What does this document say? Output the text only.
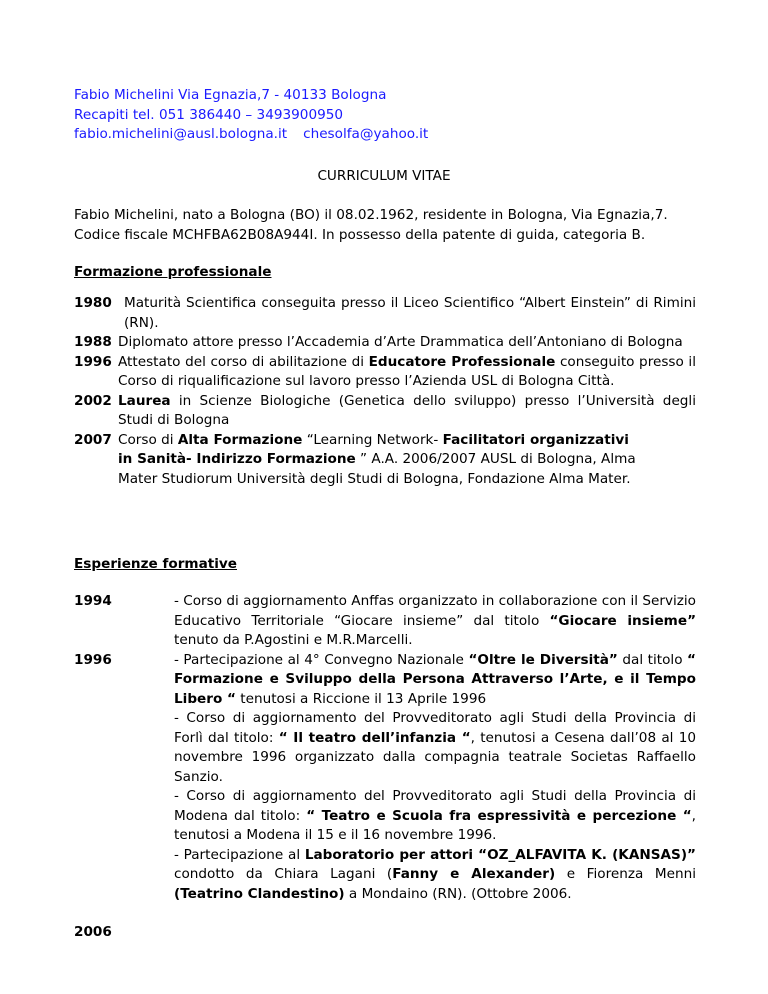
Fabio Michelini Via Egnazia,7 - 40133 Bologna
Recapiti tel. 051 386440 – 3493900950
fabio.michelini@ausl.bologna.it chesolfa@yahoo.it
CURRICULUM VITAE
Fabio Michelini, nato a Bologna (BO) il 08.02.1962, residente in Bologna, Via Egnazia,7.
Codice fiscale MCHFBA62B08A944I. In possesso della patente di guida, categoria B.
Formazione professionale
1980 Maturità Scientifica conseguita presso il Liceo Scientifico “Albert Einstein” di Rimini (RN).
1988 Diplomato attore presso l’Accademia d’Arte Drammatica dell’Antoniano di Bologna
1996 Attestato del corso di abilitazione di Educatore Professionale conseguito presso il Corso di riqualificazione sul lavoro presso l’Azienda USL di Bologna Città.
2002 Laurea in Scienze Biologiche (Genetica dello sviluppo) presso l’Università degli Studi di Bologna
2007 Corso di Alta Formazione “Learning Network- Facilitatori organizzativi in Sanità- Indirizzo Formazione ” A.A. 2006/2007 AUSL di Bologna, Alma Mater Studiorum Università degli Studi di Bologna, Fondazione Alma Mater.
Esperienze formative
1994
1996
2006
- Corso di aggiornamento Anffas organizzato in collaborazione con il Servizio Educativo Territoriale “Giocare insieme” dal titolo “Giocare insieme” tenuto da P.Agostini e M.R.Marcelli.
- Partecipazione al 4° Convegno Nazionale “Oltre le Diversità” dal titolo “ Formazione e Sviluppo della Persona Attraverso l’Arte, e il Tempo Libero “ tenutosi a Riccione il 13 Aprile 1996
- Corso di aggiornamento del Provveditorato agli Studi della Provincia di Forlì dal titolo: “ Il teatro dell’infanzia “, tenutosi a Cesena dall’08 al 10 novembre 1996 organizzato dalla compagnia teatrale Societas Raffaello Sanzio.
- Corso di aggiornamento del Provveditorato agli Studi della Provincia di Modena dal titolo: “ Teatro e Scuola fra espressività e percezione “, tenutosi a Modena il 15 e il 16 novembre 1996.
- Partecipazione al Laboratorio per attori “OZ_ALFAVITA K. (KANSAS)” condotto da Chiara Lagani (Fanny e Alexander) e Fiorenza Menni (Teatrino Clandestino) a Mondaino (RN). (Ottobre 2006.
